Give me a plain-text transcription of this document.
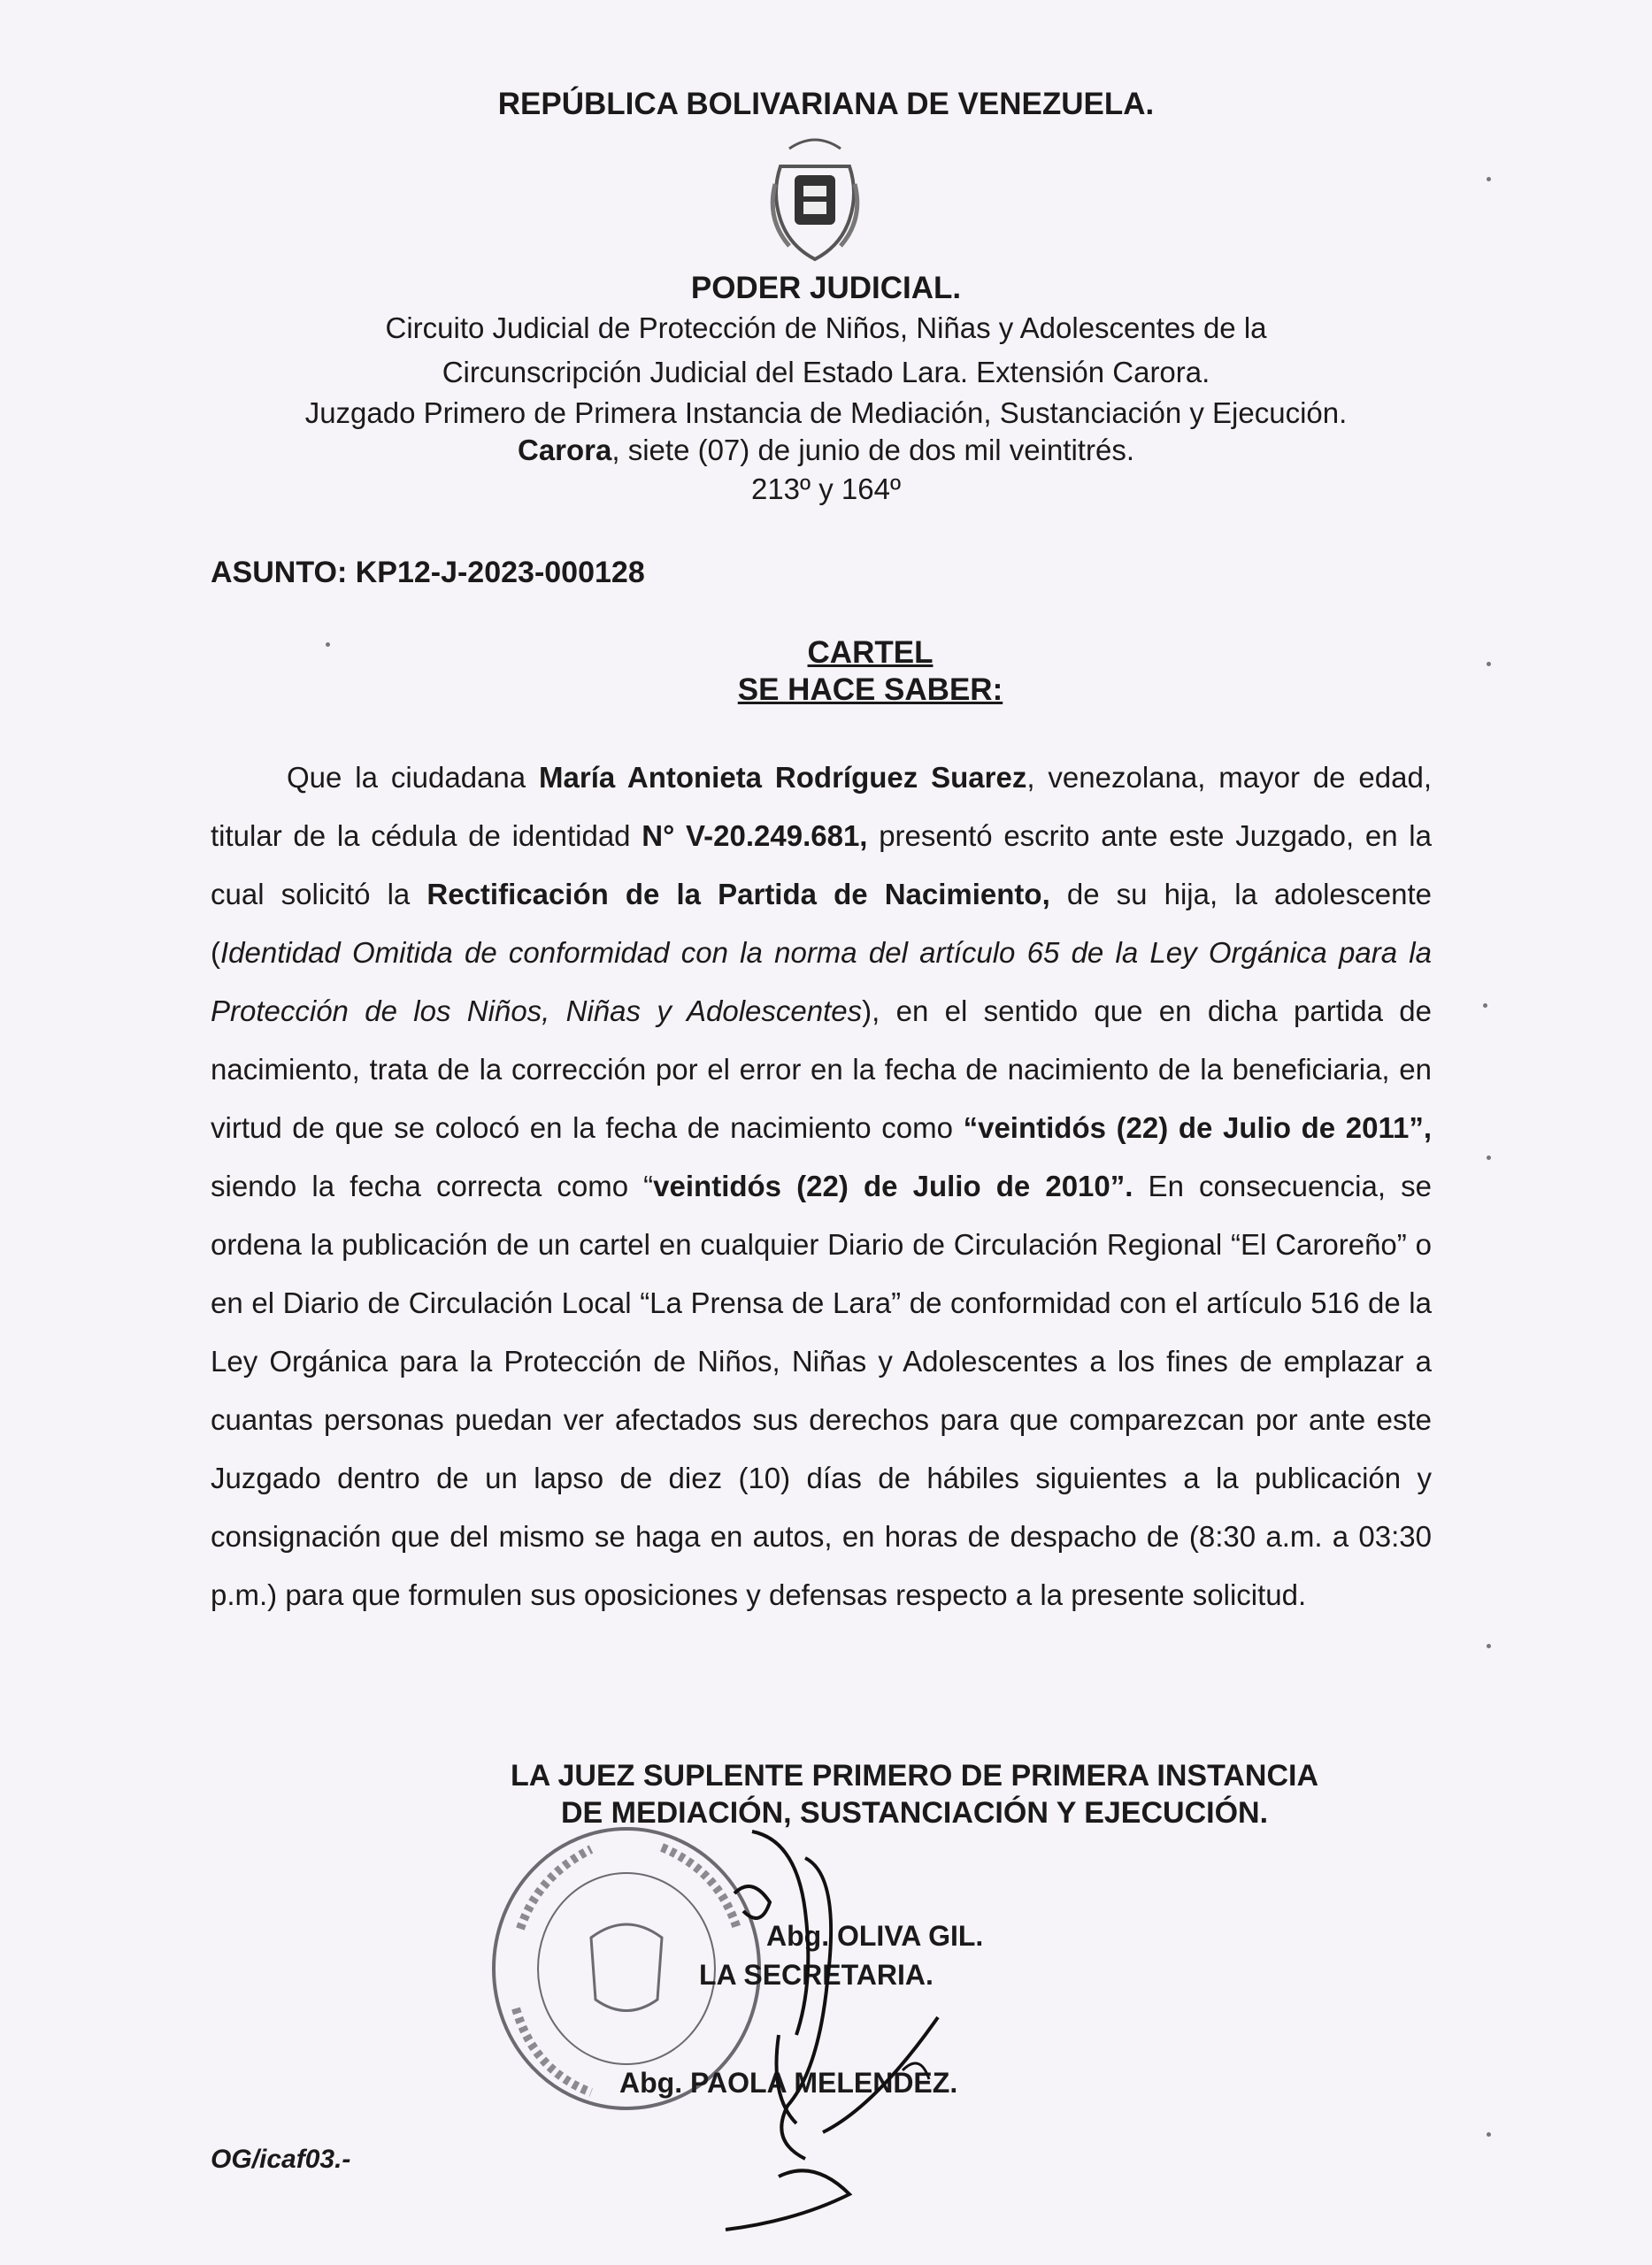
REPÚBLICA BOLIVARIANA DE VENEZUELA.
PODER JUDICIAL.
Circuito Judicial de Protección de Niños, Niñas y Adolescentes de la
Circunscripción Judicial del Estado Lara. Extensión Carora.
Juzgado Primero de Primera Instancia de Mediación, Sustanciación y Ejecución.
Carora, siete (07) de junio de dos mil veintitrés.
213º y 164º
ASUNTO: KP12-J-2023-000128
CARTEL
SE HACE SABER:

Que la ciudadana María Antonieta Rodríguez Suarez, venezolana, mayor de edad, titular de la cédula de identidad N° V-20.249.681, presentó escrito ante este Juzgado, en la cual solicitó la Rectificación de la Partida de Nacimiento, de su hija, la adolescente (Identidad Omitida de conformidad con la norma del artículo 65 de la Ley Orgánica para la Protección de los Niños, Niñas y Adolescentes), en el sentido que en dicha partida de nacimiento, trata de la corrección por el error en la fecha de nacimiento de la beneficiaria, en virtud de que se colocó en la fecha de nacimiento como “veintidós (22) de Julio de 2011”, siendo la fecha correcta como “veintidós (22) de Julio de 2010”. En consecuencia, se ordena la publicación de un cartel en cualquier Diario de Circulación Regional “El Caroreño” o en el Diario de Circulación Local “La Prensa de Lara” de conformidad con el artículo 516 de la Ley Orgánica para la Protección de Niños, Niñas y Adolescentes a los fines de emplazar a cuantas personas puedan ver afectados sus derechos para que comparezcan por ante este Juzgado dentro de un lapso de diez (10) días de hábiles siguientes a la publicación y consignación que del mismo se haga en autos, en horas de despacho de (8:30 a.m. a 03:30 p.m.) para que formulen sus oposiciones y defensas respecto a la presente solicitud.

LA JUEZ SUPLENTE PRIMERO DE PRIMERA INSTANCIA
DE MEDIACIÓN, SUSTANCIACIÓN Y EJECUCIÓN.
Abg. OLIVA GIL.
LA SECRETARIA.
Abg. PAOLA MELENDEZ.
OG/icaf03.-
